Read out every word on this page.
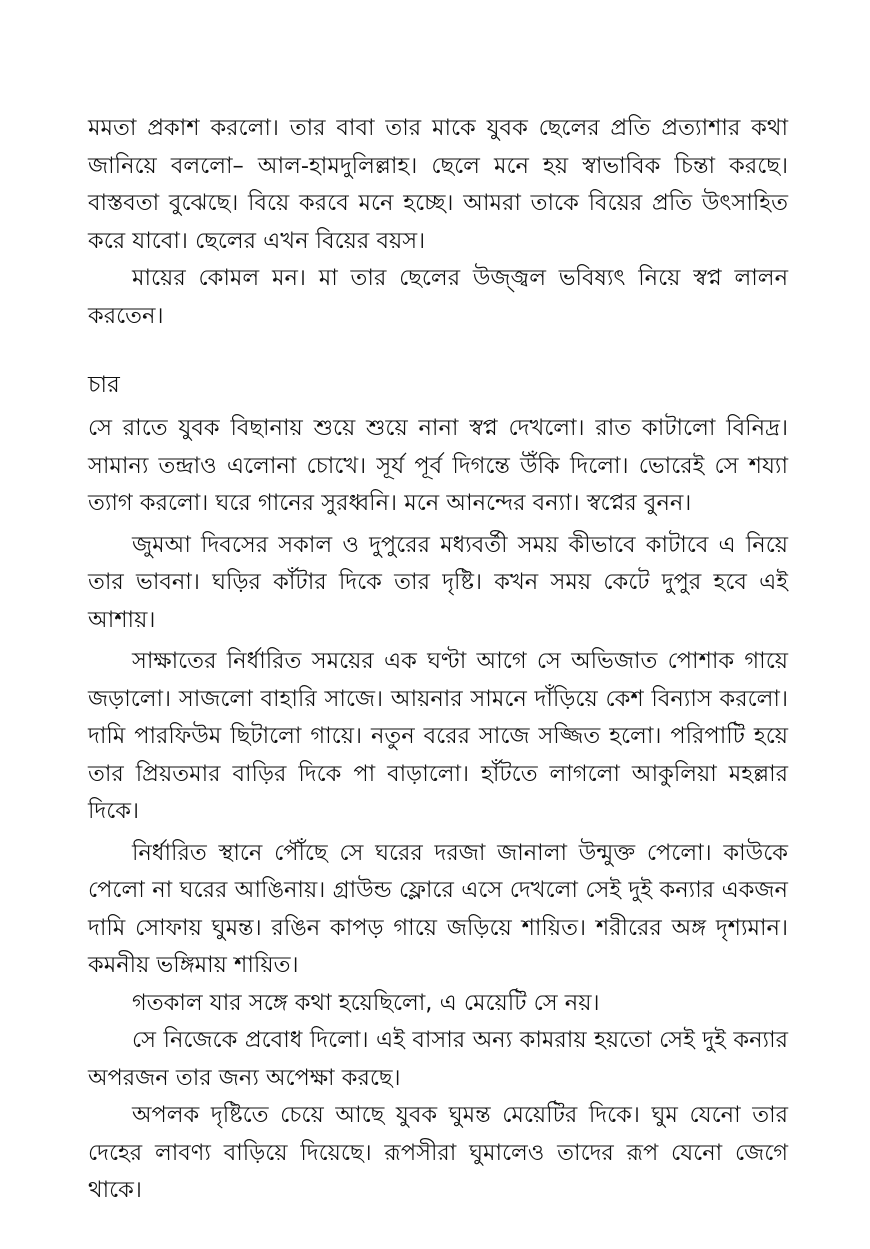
মমতা প্রকাশ করলো। তার বাবা তার মাকে যুবক ছেলের প্রতি প্রত্যাশার কথা জানিয়ে বললো– আল-হামদুলিল্লাহ। ছেলে মনে হয় স্বাভাবিক চিন্তা করছে। বাস্তবতা বুঝেছে। বিয়ে করবে মনে হচ্ছে। আমরা তাকে বিয়ের প্রতি উৎসাহিত করে যাবো। ছেলের এখন বিয়ের বয়স।

মায়ের কোমল মন। মা তার ছেলের উজ্জ্বল ভবিষ্যৎ নিয়ে স্বপ্ন লালন করতেন।

চার

সে রাতে যুবক বিছানায় শুয়ে শুয়ে নানা স্বপ্ন দেখলো। রাত কাটালো বিনিদ্র। সামান্য তন্দ্রাও এলোনা চোখে। সূর্য পূর্ব দিগন্তে উঁকি দিলো। ভোরেই সে শয্যা ত্যাগ করলো। ঘরে গানের সুরধ্বনি। মনে আনন্দের বন্যা। স্বপ্নের বুনন।

জুমআ দিবসের সকাল ও দুপুরের মধ্যবর্তী সময় কীভাবে কাটাবে এ নিয়ে তার ভাবনা। ঘড়ির কাঁটার দিকে তার দৃষ্টি। কখন সময় কেটে দুপুর হবে এই আশায়।

সাক্ষাতের নির্ধারিত সময়ের এক ঘণ্টা আগে সে অভিজাত পোশাক গায়ে জড়ালো। সাজলো বাহারি সাজে। আয়নার সামনে দাঁড়িয়ে কেশ বিন্যাস করলো। দামি পারফিউম ছিটালো গায়ে। নতুন বরের সাজে সজ্জিত হলো। পরিপাটি হয়ে তার প্রিয়তমার বাড়ির দিকে পা বাড়ালো। হাঁটতে লাগলো আকুলিয়া মহল্লার দিকে।

নির্ধারিত স্থানে পৌঁছে সে ঘরের দরজা জানালা উন্মুক্ত পেলো। কাউকে পেলো না ঘরের আঙিনায়। গ্রাউন্ড ফ্লোরে এসে দেখলো সেই দুই কন্যার একজন দামি সোফায় ঘুমন্ত। রঙিন কাপড় গায়ে জড়িয়ে শায়িত। শরীরের অঙ্গ দৃশ্যমান। কমনীয় ভঙ্গিমায় শায়িত।

গতকাল যার সঙ্গে কথা হয়েছিলো, এ মেয়েটি সে নয়।

সে নিজেকে প্রবোধ দিলো। এই বাসার অন্য কামরায় হয়তো সেই দুই কন্যার অপরজন তার জন্য অপেক্ষা করছে।

অপলক দৃষ্টিতে চেয়ে আছে যুবক ঘুমন্ত মেয়েটির দিকে। ঘুম যেনো তার দেহের লাবণ্য বাড়িয়ে দিয়েছে। রূপসীরা ঘুমালেও তাদের রূপ যেনো জেগে থাকে।
